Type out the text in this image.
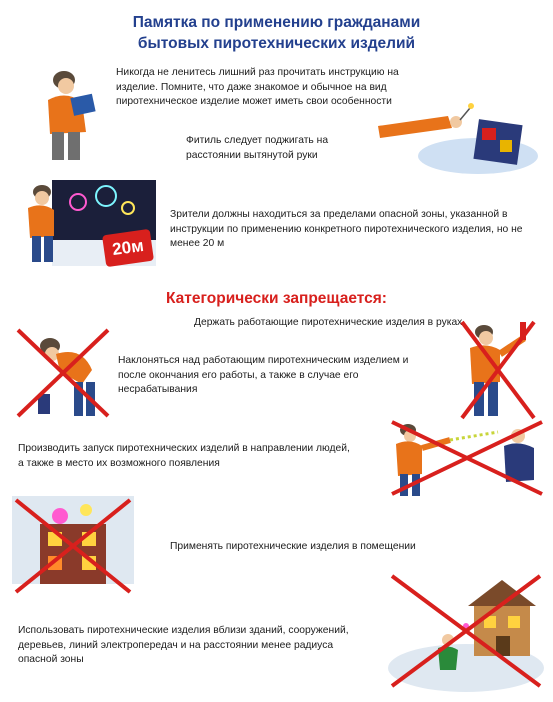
Памятка по применению гражданами
бытовых пиротехнических изделий
Никогда не ленитесь лишний раз прочитать инструкцию на изделие. Помните, что даже знакомое и обычное на вид пиротехническое изделие может иметь свои особенности
Фитиль следует поджигать на расстоянии вытянутой руки
20м
Зрители должны находиться за пределами опасной зоны, указанной в инструкции по применению конкретного пиротехнического изделия, но не менее 20 м
Категорически запрещается:
Держать работающие пиротехнические изделия в руках
Наклоняться над работающим пиротехническим изделием и после окончания его работы, а также в случае его несрабатывания
Производить запуск пиротехнических изделий в направлении людей, а также в место их возможного появления
Применять пиротехнические изделия в помещении
Использовать пиротехнические изделия вблизи зданий, сооружений, деревьев, линий электропередач и на расстоянии менее радиуса опасной зоны
